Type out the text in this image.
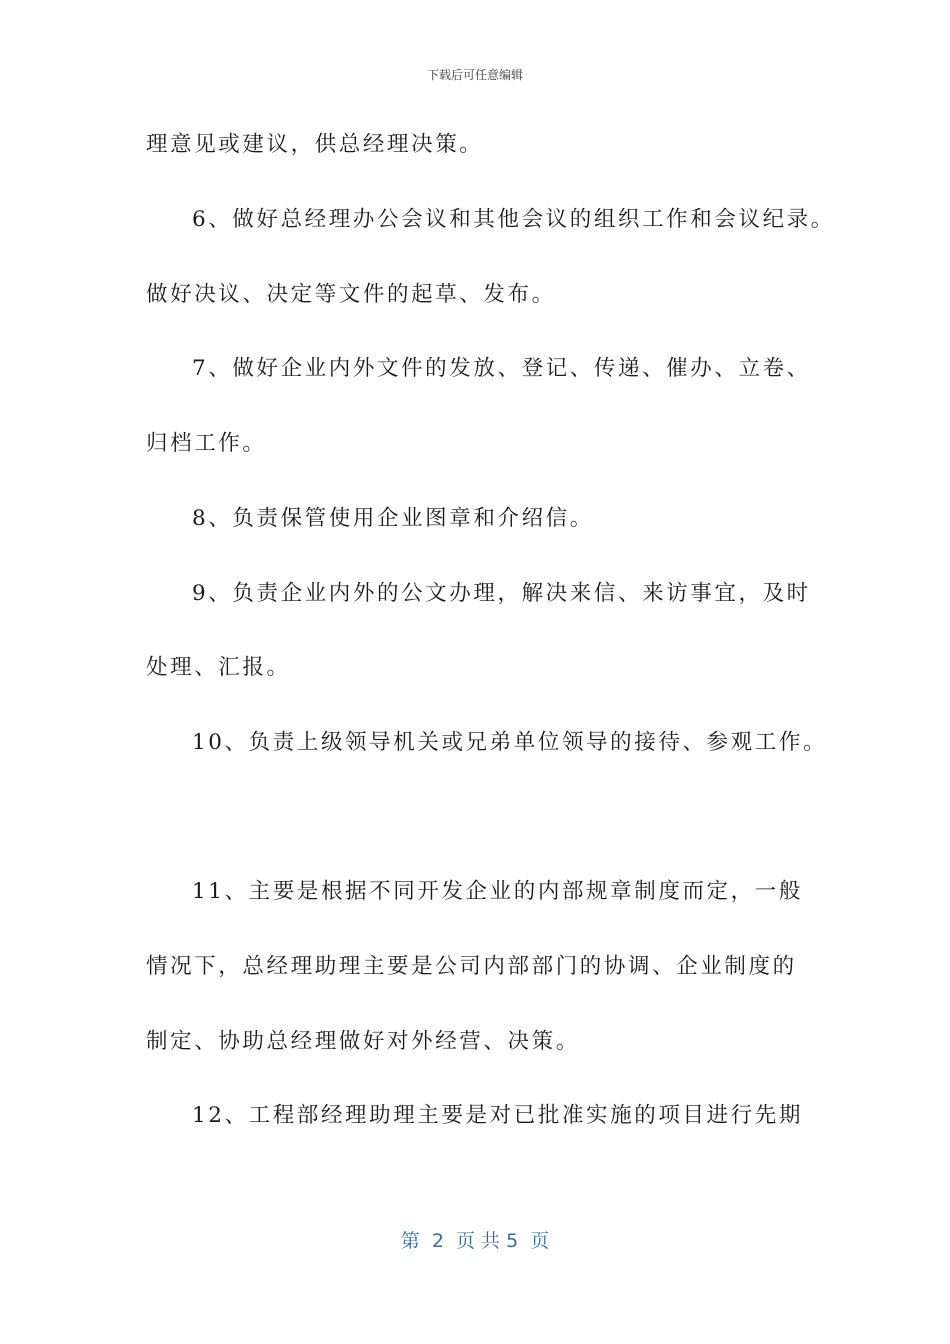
下载后可任意编辑
理意见或建议，供总经理决策。
6、做好总经理办公会议和其他会议的组织工作和会议纪录。
做好决议、决定等文件的起草、发布。
7、做好企业内外文件的发放、登记、传递、催办、立卷、
归档工作。
8、负责保管使用企业图章和介绍信。
9、负责企业内外的公文办理，解决来信、来访事宜，及时
处理、汇报。
10、负责上级领导机关或兄弟单位领导的接待、参观工作。
11、主要是根据不同开发企业的内部规章制度而定，一般
情况下，总经理助理主要是公司内部部门的协调、企业制度的
制定、协助总经理做好对外经营、决策。
12、工程部经理助理主要是对已批准实施的项目进行先期
第  2  页 共 5  页
